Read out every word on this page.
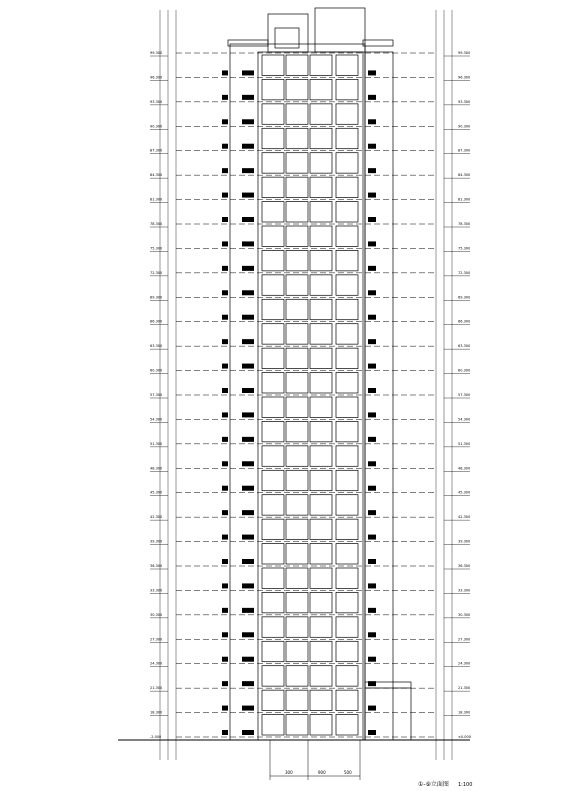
99.300
96.300
93.300
90.300
87.300
84.300
81.300
78.300
75.300
72.300
69.300
66.300
63.300
60.300
57.300
54.300
51.300
48.300
45.300
42.300
39.300
36.300
33.300
30.300
27.300
24.300
21.300
18.300
-2.000
99.300
96.300
93.300
90.300
87.300
84.300
81.300
78.300
75.300
72.300
69.300
66.300
63.300
60.300
57.300
54.300
51.300
48.300
45.300
42.300
39.300
36.300
33.300
30.300
27.300
24.300
21.300
18.300
±0.000
300	900	500
①-⑨立面图 1:100
